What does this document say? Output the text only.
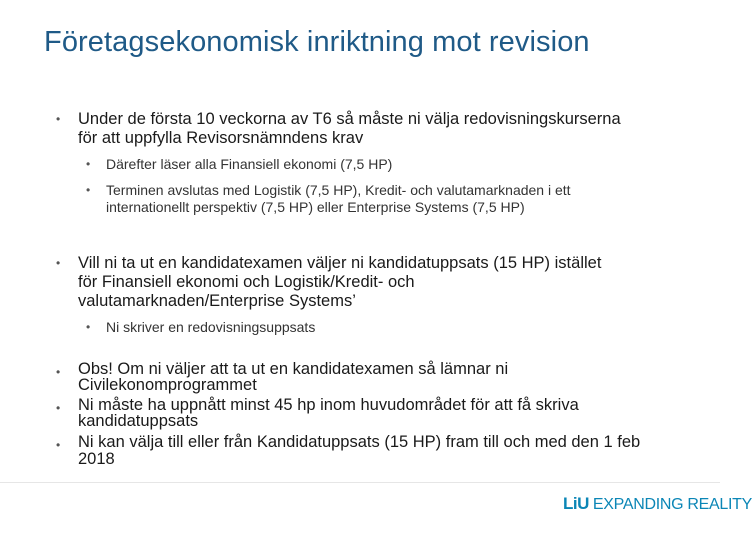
Företagsekonomisk inriktning mot revision
• Under de första 10 veckorna av T6 så måste ni välja redovisningskurserna för att uppfylla Revisorsnämndens krav
• Därefter läser alla Finansiell ekonomi (7,5 HP)
• Terminen avslutas med Logistik (7,5 HP), Kredit- och valutamarknaden i ett internationellt perspektiv (7,5 HP) eller Enterprise Systems (7,5 HP)
• Vill ni ta ut en kandidatexamen väljer ni kandidatuppsats (15 HP) istället för Finansiell ekonomi och Logistik/Kredit- och valutamarknaden/Enterprise Systems’
• Ni skriver en redovisningsuppsats
• Obs! Om ni väljer att ta ut en kandidatexamen så lämnar ni Civilekonomprogrammet
• Ni måste ha uppnått minst 45 hp inom huvudområdet för att få skriva kandidatuppsats
• Ni kan välja till eller från Kandidatuppsats (15 HP) fram till och med den 1 feb 2018
LiU EXPANDING REALITY
